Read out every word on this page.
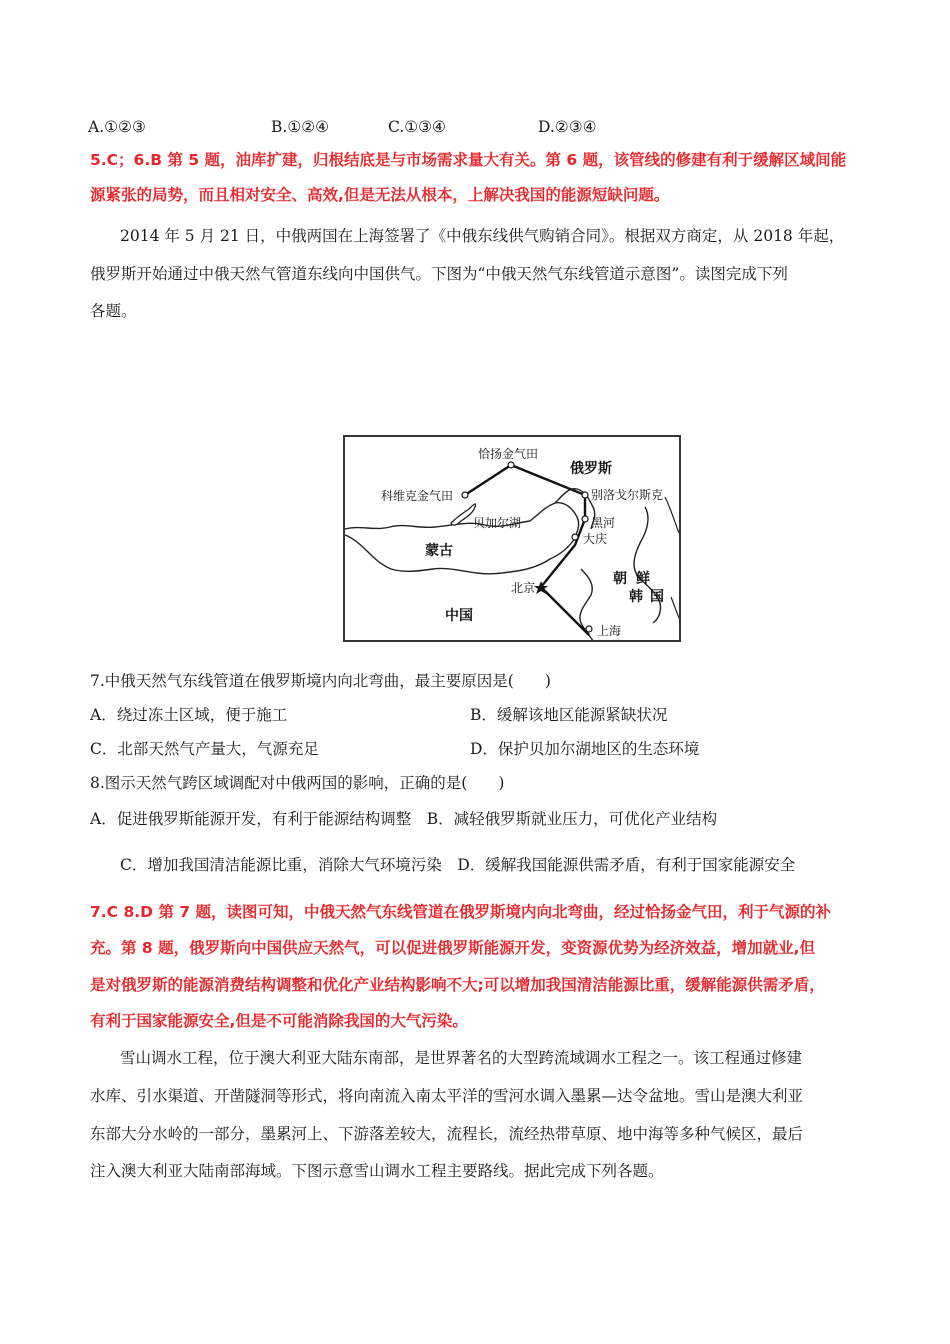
A.①②③	B.①②④	C.①③④	D.②③④
5.C；6.B 第 5 题，油库扩建，归根结底是与市场需求量大有关。第 6 题，该管线的修建有利于缓解区域间能
源紧张的局势，而且相对安全、高效,但是无法从根本，上解决我国的能源短缺问题。
2014 年 5 月 21 日，中俄两国在上海签署了《中俄东线供气购销合同》。根据双方商定，从 2018 年起，
俄罗斯开始通过中俄天然气管道东线向中国供气。下图为“中俄天然气东线管道示意图”。读图完成下列
各题。
恰扬金气田
俄罗斯
科维克金气田	别洛戈尔斯克
贝加尔湖	黑河
大庆
蒙古
朝 鲜
北京
韩 国
中国
上海
7.中俄天然气东线管道在俄罗斯境内向北弯曲，最主要原因是(　　)
A．绕过冻土区域，便于施工	B．缓解该地区能源紧缺状况
C．北部天然气产量大，气源充足	D．保护贝加尔湖地区的生态环境
8.图示天然气跨区域调配对中俄两国的影响，正确的是(　　)
A．促进俄罗斯能源开发，有利于能源结构调整　B．减轻俄罗斯就业压力，可优化产业结构
C．增加我国清洁能源比重，消除大气环境污染　D．缓解我国能源供需矛盾，有利于国家能源安全
7.C 8.D 第 7 题，读图可知，中俄天然气东线管道在俄罗斯境内向北弯曲，经过恰扬金气田，利于气源的补
充。第 8 题，俄罗斯向中国供应天然气，可以促进俄罗斯能源开发，变资源优势为经济效益，增加就业,但
是对俄罗斯的能源消费结构调整和优化产业结构影响不大;可以增加我国清洁能源比重，缓解能源供需矛盾，
有利于国家能源安全,但是不可能消除我国的大气污染。
雪山调水工程，位于澳大利亚大陆东南部，是世界著名的大型跨流域调水工程之一。该工程通过修建
水库、引水渠道、开凿隧洞等形式，将向南流入南太平洋的雪河水调入墨累—达令盆地。雪山是澳大利亚
东部大分水岭的一部分，墨累河上、下游落差较大，流程长，流经热带草原、地中海等多种气候区，最后
注入澳大利亚大陆南部海域。下图示意雪山调水工程主要路线。据此完成下列各题。
